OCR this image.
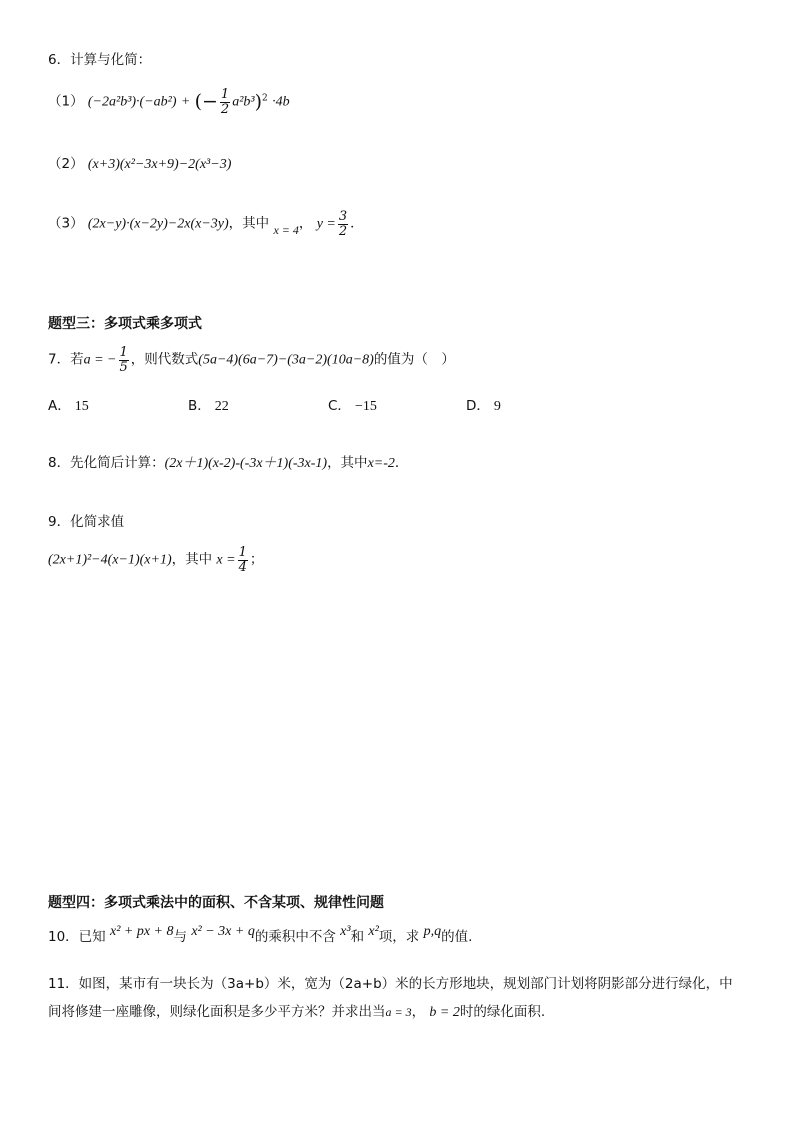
6．计算与化简：
（1） (−2a²b³)·(−ab²) + (− $\frac{1}{2} a^2b^3)^2 \cdot 4b$
（2） (x+3)(x²−3x+9)−2(x³−3)
（3） (2x−y)·(x−2y)−2x(x−3y)，其中 x = 4， $y = \frac{3}{2}$ ．
题型三：多项式乘多项式
7．若a = − $\frac{1}{5}$ ，则代数式(5a−4)(6a−7)−(3a−2)(10a−8)的值为（　）
A． 15	B． 22	C． −15	D． 9
8．先化简后计算：(2x＋1)(x-2)-(-3x＋1)(-3x-1)，其中x=-2．
9．化简求值
(2x+1)²−4(x−1)(x+1)，其中 $x = \frac{1}{4}$ ；
题型四：多项式乘法中的面积、不含某项、规律性问题
10．已知 x² + px + 8与 x² − 3x + q的乘积中不含 x³和 x²项，求 p,q的值.
11．如图，某市有一块长为（3a+b）米，宽为（2a+b）米的长方形地块，规划部门计划将阴影部分进行绿化，中
间将修建一座雕像，则绿化面积是多少平方米？并求出当a = 3， b = 2时的绿化面积.
